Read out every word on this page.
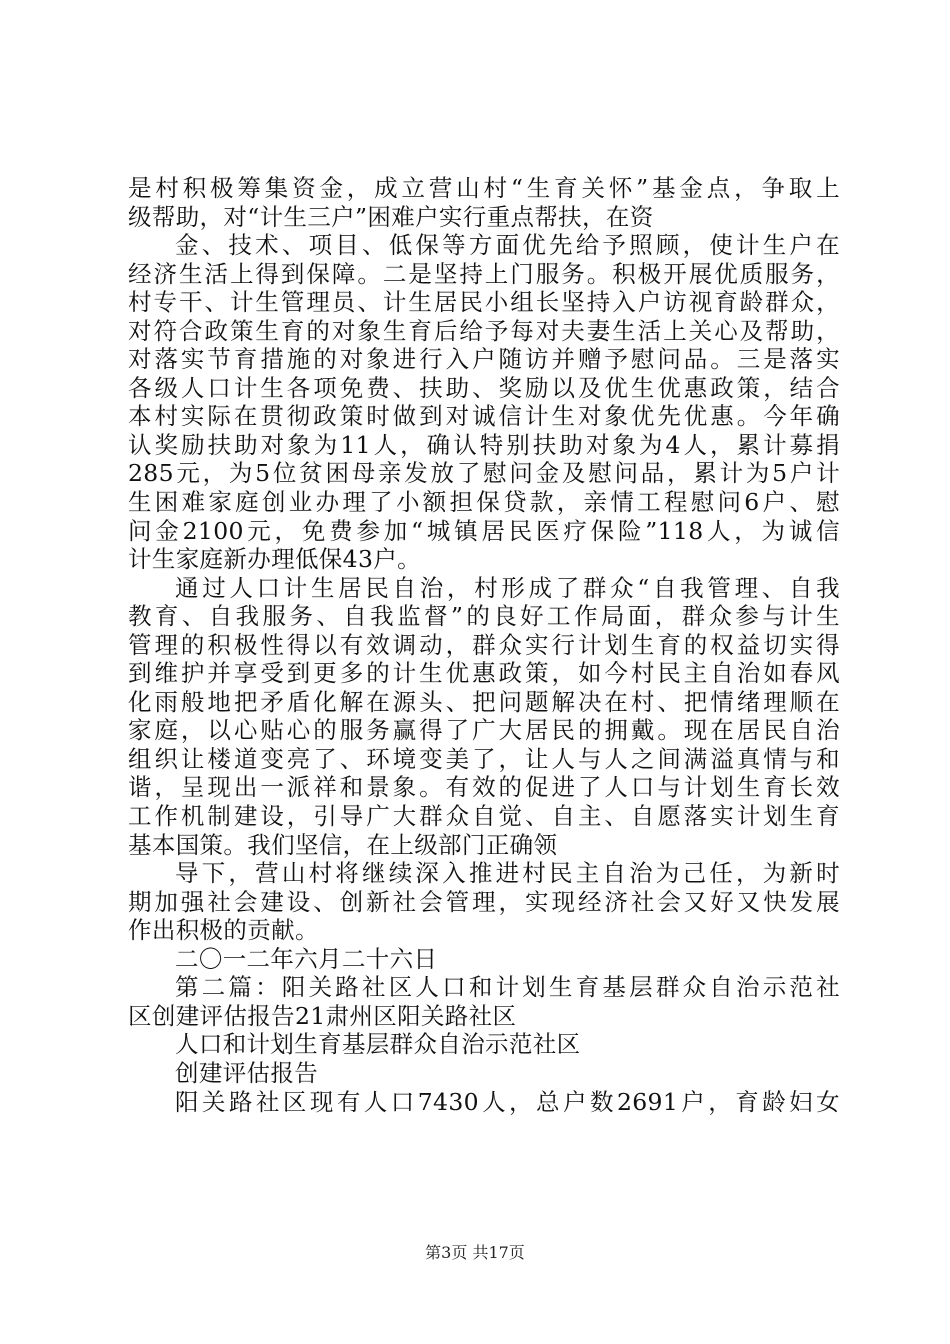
是村积极筹集资金，成立营山村“生育关怀”基金点，争取上
级帮助，对“计生三户”困难户实行重点帮扶，在资
金、技术、项目、低保等方面优先给予照顾，使计生户在
经济生活上得到保障。二是坚持上门服务。积极开展优质服务，
村专干、计生管理员、计生居民小组长坚持入户访视育龄群众，
对符合政策生育的对象生育后给予每对夫妻生活上关心及帮助，
对落实节育措施的对象进行入户随访并赠予慰问品。三是落实
各级人口计生各项免费、扶助、奖励以及优生优惠政策，结合
本村实际在贯彻政策时做到对诚信计生对象优先优惠。今年确
认奖励扶助对象为11人，确认特别扶助对象为4人，累计募捐
285元，为5位贫困母亲发放了慰问金及慰问品，累计为5户计
生困难家庭创业办理了小额担保贷款，亲情工程慰问6户、慰
问金2100元，免费参加“城镇居民医疗保险”118人，为诚信
计生家庭新办理低保43户。
通过人口计生居民自治，村形成了群众“自我管理、自我
教育、自我服务、自我监督”的良好工作局面，群众参与计生
管理的积极性得以有效调动，群众实行计划生育的权益切实得
到维护并享受到更多的计生优惠政策，如今村民主自治如春风
化雨般地把矛盾化解在源头、把问题解决在村、把情绪理顺在
家庭，以心贴心的服务赢得了广大居民的拥戴。现在居民自治
组织让楼道变亮了、环境变美了，让人与人之间满溢真情与和
谐，呈现出一派祥和景象。有效的促进了人口与计划生育长效
工作机制建设，引导广大群众自觉、自主、自愿落实计划生育
基本国策。我们坚信，在上级部门正确领
导下，营山村将继续深入推进村民主自治为己任，为新时
期加强社会建设、创新社会管理，实现经济社会又好又快发展
作出积极的贡献。
二〇一二年六月二十六日
第二篇：阳关路社区人口和计划生育基层群众自治示范社
区创建评估报告21肃州区阳关路社区
人口和计划生育基层群众自治示范社区
创建评估报告
阳关路社区现有人口7430人，总户数2691户，育龄妇女
第3页 共17页
